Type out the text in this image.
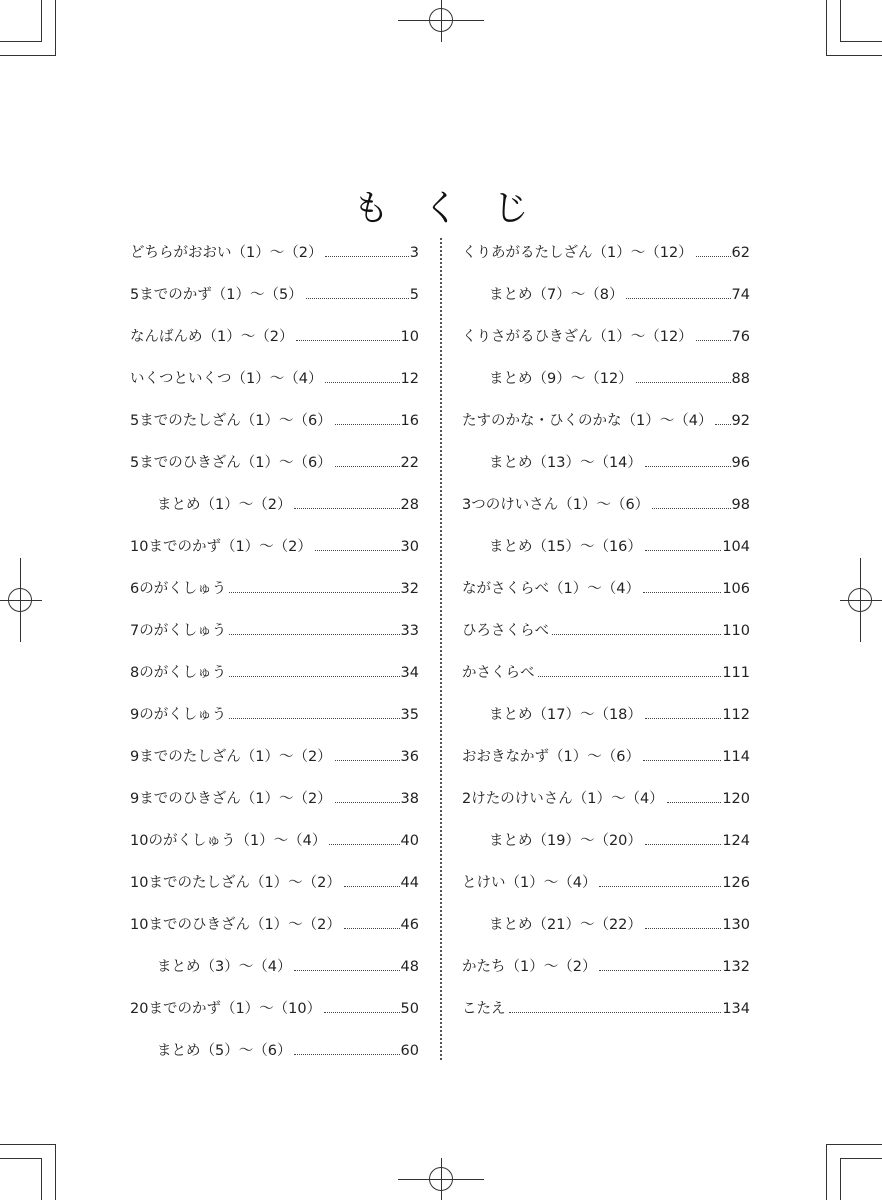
もくじ
どちらがおおい（1）～（2）	3
5までのかず（1）～（5）	5
なんばんめ（1）～（2）	10
いくつといくつ（1）～（4）	12
5までのたしざん（1）～（6）	16
5までのひきざん（1）～（6）	22
まとめ（1）～（2）	28
10までのかず（1）～（2）	30
6のがくしゅう	32
7のがくしゅう	33
8のがくしゅう	34
9のがくしゅう	35
9までのたしざん（1）～（2）	36
9までのひきざん（1）～（2）	38
10のがくしゅう（1）～（4）	40
10までのたしざん（1）～（2）	44
10までのひきざん（1）～（2）	46
まとめ（3）～（4）	48
20までのかず（1）～（10）	50
まとめ（5）～（6）	60
くりあがるたしざん（1）～（12）	62
まとめ（7）～（8）	74
くりさがるひきざん（1）～（12）	76
まとめ（9）～（12）	88
たすのかな・ひくのかな（1）～（4） 92
まとめ（13）～（14）	96
3つのけいさん（1）～（6）	98
まとめ（15）～（16）	104
ながさくらべ（1）～（4）	106
ひろさくらべ	110
かさくらべ	111
まとめ（17）～（18）	112
おおきなかず（1）～（6）	114
2けたのけいさん（1）～（4）	120
まとめ（19）～（20）	124
とけい（1）～（4）	126
まとめ（21）～（22）	130
かたち（1）～（2）	132
こたえ	134
